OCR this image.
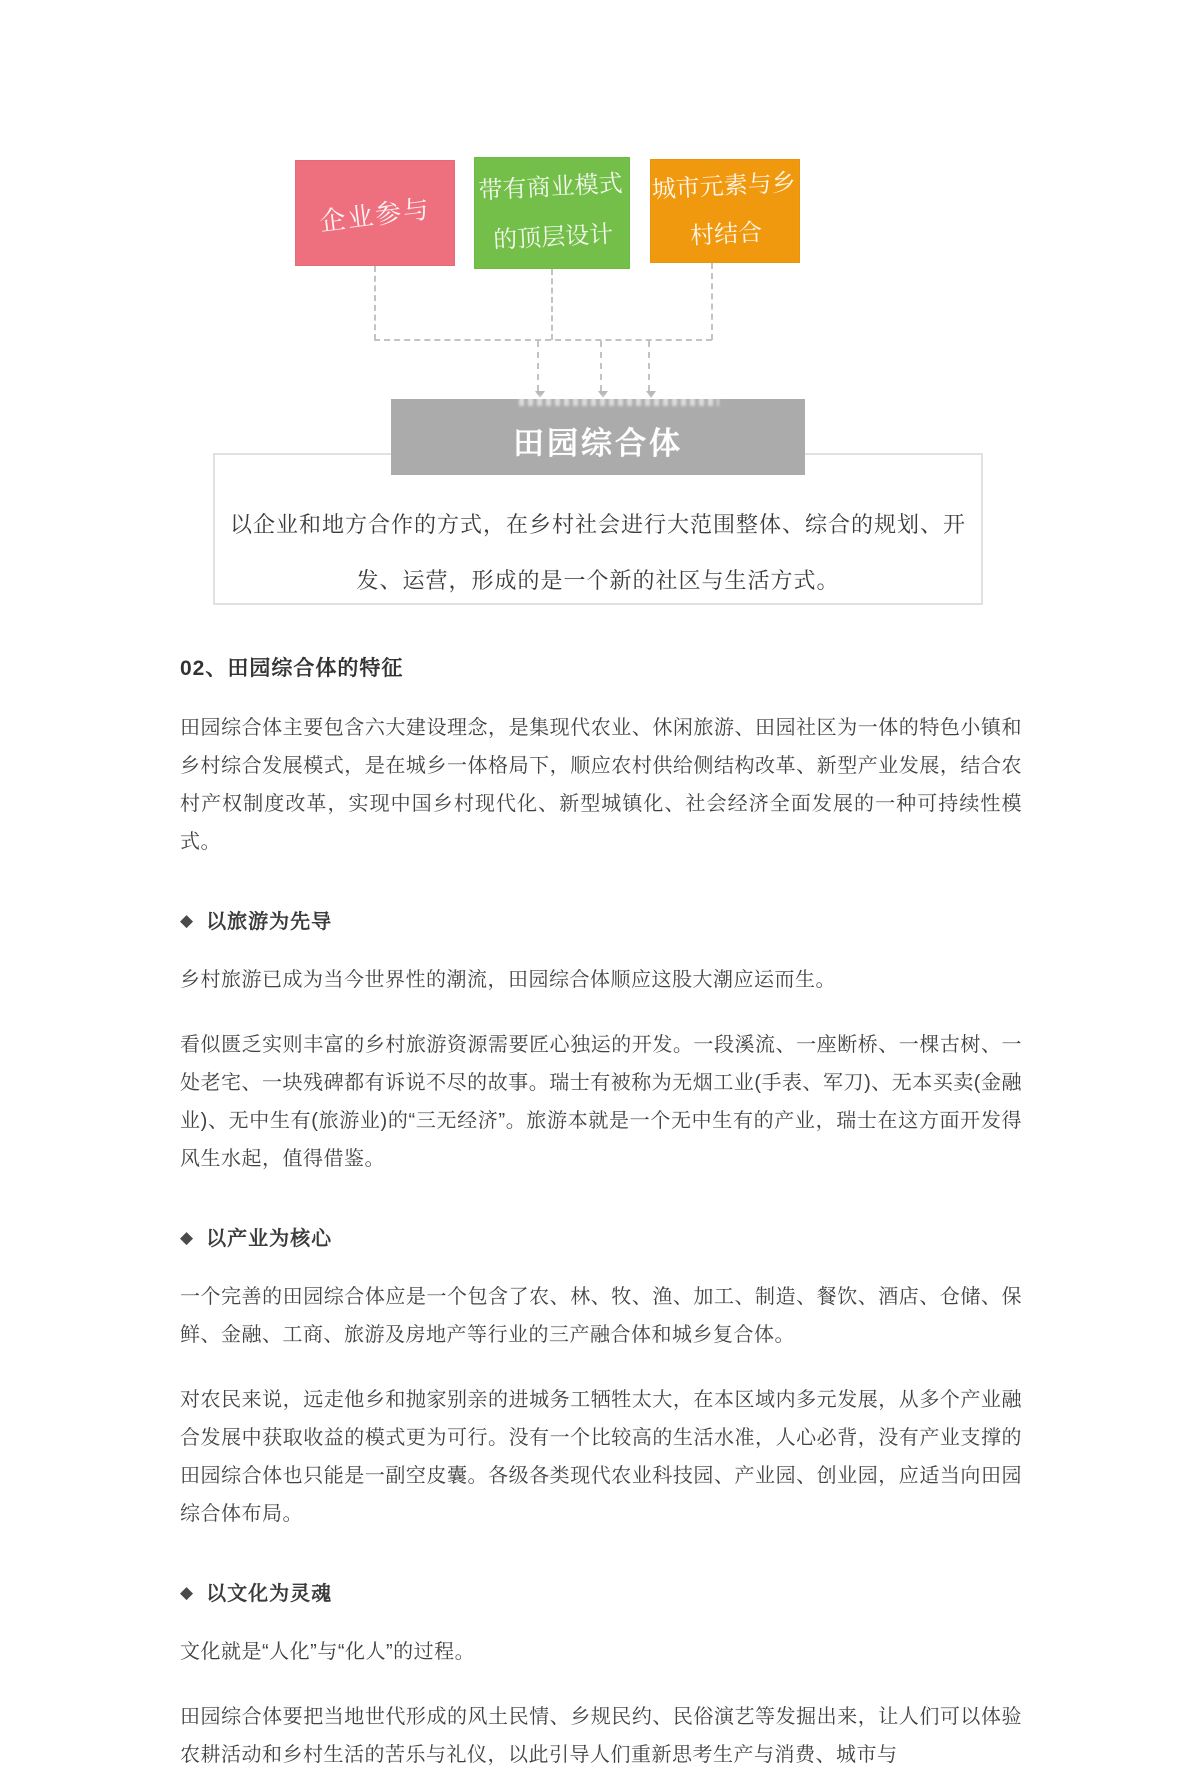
企业参与
带有商业模式
的顶层设计
城市元素与乡
村结合
田园综合体

以企业和地方合作的方式，在乡村社会进行大范围整体、综合的规划、开

发、运营，形成的是一个新的社区与生活方式。

02、田园综合体的特征

田园综合体主要包含六大建设理念，是集现代农业、休闲旅游、田园社区为一体的特色小镇和乡村综合发展模式，是在城乡一体格局下，顺应农村供给侧结构改革、新型产业发展，结合农村产权制度改革，实现中国乡村现代化、新型城镇化、社会经济全面发展的一种可持续性模式。

◆ 以旅游为先导

乡村旅游已成为当今世界性的潮流，田园综合体顺应这股大潮应运而生。

看似匮乏实则丰富的乡村旅游资源需要匠心独运的开发。一段溪流、一座断桥、一棵古树、一处老宅、一块残碑都有诉说不尽的故事。瑞士有被称为无烟工业(手表、军刀)、无本买卖(金融业)、无中生有(旅游业)的“三无经济”。旅游本就是一个无中生有的产业，瑞士在这方面开发得风生水起，值得借鉴。

◆ 以产业为核心

一个完善的田园综合体应是一个包含了农、林、牧、渔、加工、制造、餐饮、酒店、仓储、保鲜、金融、工商、旅游及房地产等行业的三产融合体和城乡复合体。

对农民来说，远走他乡和抛家别亲的进城务工牺牲太大，在本区域内多元发展，从多个产业融合发展中获取收益的模式更为可行。没有一个比较高的生活水准，人心必背，没有产业支撑的田园综合体也只能是一副空皮囊。各级各类现代农业科技园、产业园、创业园，应适当向田园综合体布局。

◆ 以文化为灵魂

文化就是“人化”与“化人”的过程。

田园综合体要把当地世代形成的风土民情、乡规民约、民俗演艺等发掘出来，让人们可以体验农耕活动和乡村生活的苦乐与礼仪，以此引导人们重新思考生产与消费、城市与
